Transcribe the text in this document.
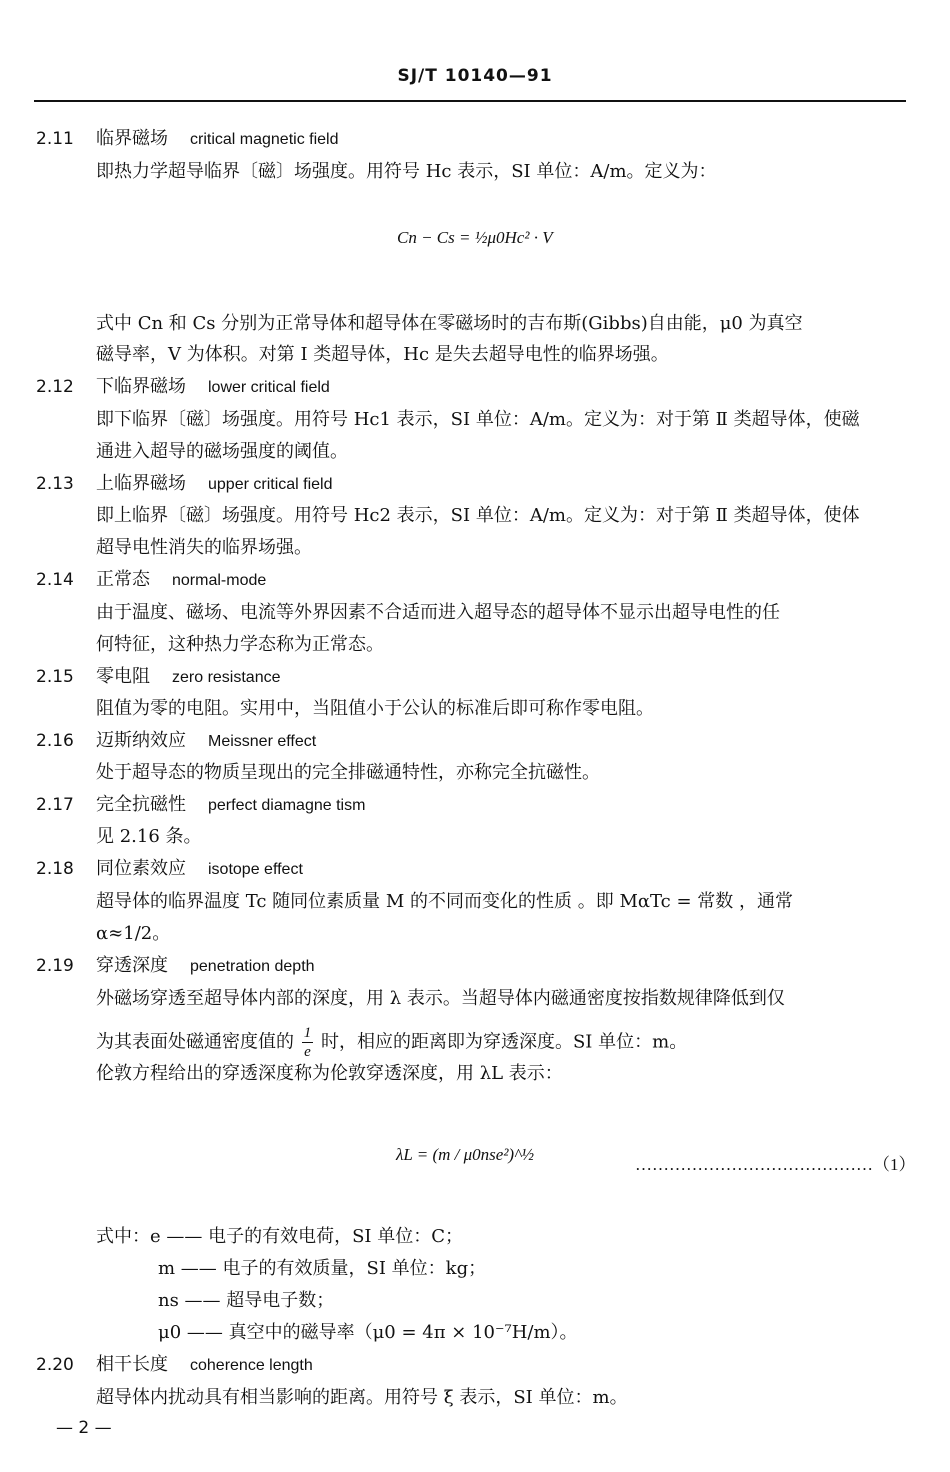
SJ/T 10140—91
2.11 临界磁场 critical magnetic field
即热力学超导临界〔磁〕场强度。用符号 Hc 表示，SI 单位：A/m。定义为：
Cn − Cs = ½μ0Hc² · V
式中 Cn 和 Cs 分别为正常导体和超导体在零磁场时的吉布斯(Gibbs)自由能，μ0 为真空
磁导率，V 为体积。对第 I 类超导体，Hc 是失去超导电性的临界场强。
2.12 下临界磁场 lower critical field
即下临界〔磁〕场强度。用符号 Hc1 表示，SI 单位：A/m。定义为：对于第 Ⅱ 类超导体，使磁
通进入超导的磁场强度的阈值。
2.13 上临界磁场 upper critical field
即上临界〔磁〕场强度。用符号 Hc2 表示，SI 单位：A/m。定义为：对于第 Ⅱ 类超导体，使体
超导电性消失的临界场强。
2.14 正常态 normal-mode
由于温度、磁场、电流等外界因素不合适而进入超导态的超导体不显示出超导电性的任
何特征，这种热力学态称为正常态。
2.15 零电阻 zero resistance
阻值为零的电阻。实用中，当阻值小于公认的标准后即可称作零电阻。
2.16 迈斯纳效应 Meissner effect
处于超导态的物质呈现出的完全排磁通特性，亦称完全抗磁性。
2.17 完全抗磁性 perfect diamagne tism
见 2.16 条。
2.18 同位素效应 isotope effect
超导体的临界温度 Tc 随同位素质量 M 的不同而变化的性质 。即 MαTc = 常数 ，通常
α≈1/2。
2.19 穿透深度 penetration depth
外磁场穿透至超导体内部的深度，用 λ 表示。当超导体内磁通密度按指数规律降低到仅
为其表面处磁通密度值的 $\frac{1}{e}$ 时，相应的距离即为穿透深度。SI 单位：m。
伦敦方程给出的穿透深度称为伦敦穿透深度，用 λL 表示：
λL = (m / μ0nse²)^½
……………………………………（1）
式中：e —— 电子的有效电荷，SI 单位：C；
m —— 电子的有效质量，SI 单位：kg；
ns —— 超导电子数；
μ0 —— 真空中的磁导率（μ0 = 4π × 10⁻⁷H/m）。
2.20 相干长度 coherence length
超导体内扰动具有相当影响的距离。用符号 ξ 表示，SI 单位：m。
— 2 —
